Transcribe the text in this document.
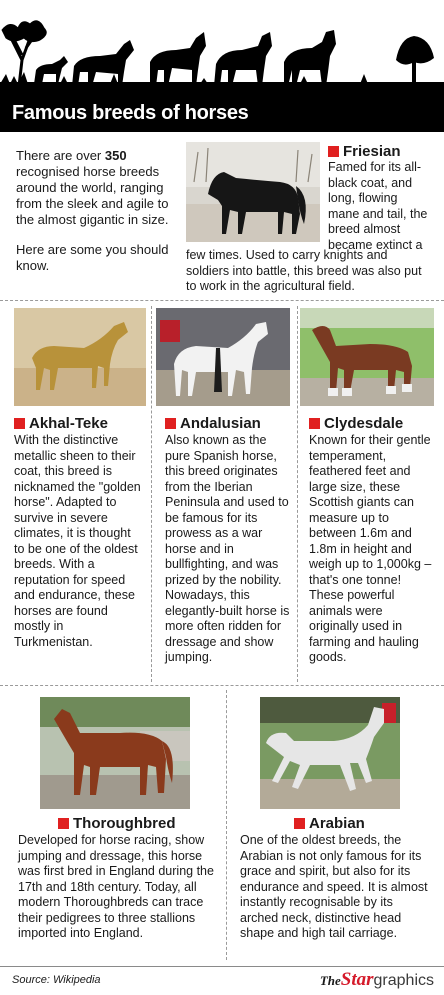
Famous breeds of horses

There are over 350 recognised horse breeds around the world, ranging from the sleek and agile to the almost gigantic in size.

Here are some you should know.

Friesian
Famed for its all-black coat, and long, flowing mane and tail, the breed almost became extinct a
few times. Used to carry knights and soldiers into battle, this breed was also put to work in the agricultural field.
Akhal-Teke	Andalusian	Clydesdale
With the distinctive metallic sheen to their coat, this breed is nicknamed the "golden horse". Adapted to survive in severe climates, it is thought to be one of the oldest breeds. With a reputation for speed and endurance, these horses are found mostly in Turkmenistan.
Also known as the pure Spanish horse, this breed originates from the Iberian Peninsula and used to be famous for its prowess as a war horse and in bullfighting, and was prized by the nobility. Nowadays, this elegantly-built horse is more often ridden for dressage and show jumping.
Known for their gentle temperament, feathered feet and large size, these Scottish giants can measure up to between 1.6m and 1.8m in height and weigh up to 1,000kg – that's one tonne! These powerful animals were originally used in farming and hauling goods.
Thoroughbred	Arabian
Developed for horse racing, show jumping and dressage, this horse was first bred in England during the 17th and 18th century. Today, all modern Thoroughbreds can trace their pedigrees to three stallions imported into England.
One of the oldest breeds, the Arabian is not only famous for its grace and spirit, but also for its endurance and speed. It is almost instantly recognisable by its arched neck, distinctive head shape and high tail carriage.
Source: Wikipedia	TheStargraphics
